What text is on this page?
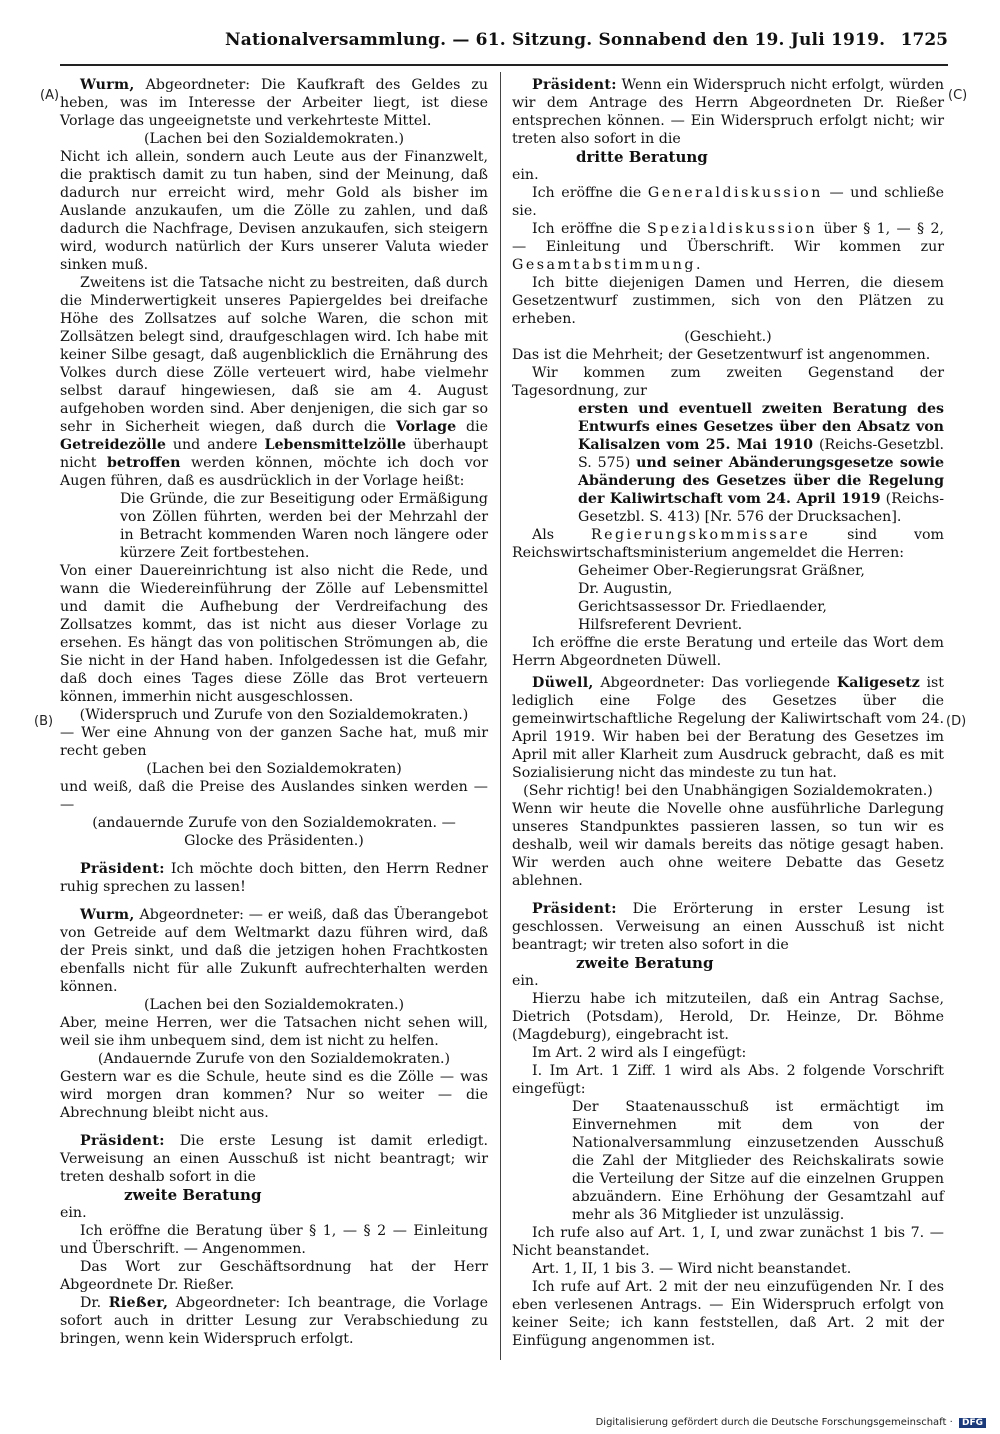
Nationalversammlung. — 61. Sitzung. Sonnabend den 19. Juli 1919. 1725
(A)
(B)
(C)
(D)

Wurm, Abgeordneter: Die Kaufkraft des Geldes zu heben, was im Interesse der Arbeiter liegt, ist diese Vorlage das ungeeignetste und verkehrteste Mittel.

(Lachen bei den Sozialdemokraten.)

Nicht ich allein, sondern auch Leute aus der Finanzwelt, die praktisch damit zu tun haben, sind der Meinung, daß dadurch nur erreicht wird, mehr Gold als bisher im Auslande anzukaufen, um die Zölle zu zahlen, und daß dadurch die Nachfrage, Devisen anzukaufen, sich steigern wird, wodurch natürlich der Kurs unserer Valuta wieder sinken muß.

Zweitens ist die Tatsache nicht zu bestreiten, daß durch die Minderwertigkeit unseres Papiergeldes bei dreifache Höhe des Zollsatzes auf solche Waren, die schon mit Zollsätzen belegt sind, draufgeschlagen wird. Ich habe mit keiner Silbe gesagt, daß augenblicklich die Ernährung des Volkes durch diese Zölle verteuert wird, habe vielmehr selbst darauf hingewiesen, daß sie am 4. August aufgehoben worden sind. Aber denjenigen, die sich gar so sehr in Sicherheit wiegen, daß durch die Vorlage die Getreidezölle und andere Lebensmittelzölle überhaupt nicht betroffen werden können, möchte ich doch vor Augen führen, daß es ausdrücklich in der Vorlage heißt:

Die Gründe, die zur Beseitigung oder Ermäßigung von Zöllen führten, werden bei der Mehrzahl der in Betracht kommenden Waren noch längere oder kürzere Zeit fortbestehen.

Von einer Dauereinrichtung ist also nicht die Rede, und wann die Wiedereinführung der Zölle auf Lebensmittel und damit die Aufhebung der Verdreifachung des Zollsatzes kommt, das ist nicht aus dieser Vorlage zu ersehen. Es hängt das von politischen Strömungen ab, die Sie nicht in der Hand haben. Infolgedessen ist die Gefahr, daß doch eines Tages diese Zölle das Brot verteuern können, immerhin nicht ausgeschlossen.

(Widerspruch und Zurufe von den Sozialdemokraten.)

— Wer eine Ahnung von der ganzen Sache hat, muß mir recht geben

(Lachen bei den Sozialdemokraten)

und weiß, daß die Preise des Auslandes sinken werden — —

(andauernde Zurufe von den Sozialdemokraten. —

Glocke des Präsidenten.)

Präsident: Ich möchte doch bitten, den Herrn Redner ruhig sprechen zu lassen!

Wurm, Abgeordneter: — er weiß, daß das Überangebot von Getreide auf dem Weltmarkt dazu führen wird, daß der Preis sinkt, und daß die jetzigen hohen Frachtkosten ebenfalls nicht für alle Zukunft aufrechterhalten werden können.

(Lachen bei den Sozialdemokraten.)

Aber, meine Herren, wer die Tatsachen nicht sehen will, weil sie ihm unbequem sind, dem ist nicht zu helfen.

(Andauernde Zurufe von den Sozialdemokraten.)

Gestern war es die Schule, heute sind es die Zölle — was wird morgen dran kommen? Nur so weiter — die Abrechnung bleibt nicht aus.

Präsident: Die erste Lesung ist damit erledigt. Verweisung an einen Ausschuß ist nicht beantragt; wir treten deshalb sofort in die

zweite Beratung

ein.

Ich eröffne die Beratung über § 1, — § 2 — Einleitung und Überschrift. — Angenommen.

Das Wort zur Geschäftsordnung hat der Herr Abgeordnete Dr. Rießer.

Dr. Rießer, Abgeordneter: Ich beantrage, die Vorlage sofort auch in dritter Lesung zur Verabschiedung zu bringen, wenn kein Widerspruch erfolgt.

Präsident: Wenn ein Widerspruch nicht erfolgt, würden wir dem Antrage des Herrn Abgeordneten Dr. Rießer entsprechen können. — Ein Widerspruch erfolgt nicht; wir treten also sofort in die

dritte Beratung

ein.

Ich eröffne die Generaldiskussion — und schließe sie.

Ich eröffne die Spezialdiskussion über § 1, — § 2, — Einleitung und Überschrift. Wir kommen zur Gesamtabstimmung.

Ich bitte diejenigen Damen und Herren, die diesem Gesetzentwurf zustimmen, sich von den Plätzen zu erheben.

(Geschieht.)

Das ist die Mehrheit; der Gesetzentwurf ist angenommen.

Wir kommen zum zweiten Gegenstand der Tagesordnung, zur

ersten und eventuell zweiten Beratung des Entwurfs eines Gesetzes über den Absatz von Kalisalzen vom 25. Mai 1910 (Reichs-Gesetzbl. S. 575) und seiner Abänderungsgesetze sowie Abänderung des Gesetzes über die Regelung der Kaliwirtschaft vom 24. April 1919 (Reichs-Gesetzbl. S. 413) [Nr. 576 der Drucksachen].

Als Regierungskommissare sind vom Reichswirtschaftsministerium angemeldet die Herren:

Geheimer Ober-Regierungsrat Gräßner,

Dr. Augustin,

Gerichtsassessor Dr. Friedlaender,

Hilfsreferent Devrient.

Ich eröffne die erste Beratung und erteile das Wort dem Herrn Abgeordneten Düwell.

Düwell, Abgeordneter: Das vorliegende Kaligesetz ist lediglich eine Folge des Gesetzes über die gemeinwirtschaftliche Regelung der Kaliwirtschaft vom 24. April 1919. Wir haben bei der Beratung des Gesetzes im April mit aller Klarheit zum Ausdruck gebracht, daß es mit Sozialisierung nicht das mindeste zu tun hat.

(Sehr richtig! bei den Unabhängigen Sozialdemokraten.)

Wenn wir heute die Novelle ohne ausführliche Darlegung unseres Standpunktes passieren lassen, so tun wir es deshalb, weil wir damals bereits das nötige gesagt haben. Wir werden auch ohne weitere Debatte das Gesetz ablehnen.

Präsident: Die Erörterung in erster Lesung ist geschlossen. Verweisung an einen Ausschuß ist nicht beantragt; wir treten also sofort in die

zweite Beratung

ein.

Hierzu habe ich mitzuteilen, daß ein Antrag Sachse, Dietrich (Potsdam), Herold, Dr. Heinze, Dr. Böhme (Magdeburg), eingebracht ist.

Im Art. 2 wird als I eingefügt:

I. Im Art. 1 Ziff. 1 wird als Abs. 2 folgende Vorschrift eingefügt:

Der Staatenausschuß ist ermächtigt im Einvernehmen mit dem von der Nationalversammlung einzusetzenden Ausschuß die Zahl der Mitglieder des Reichskalirats sowie die Verteilung der Sitze auf die einzelnen Gruppen abzuändern. Eine Erhöhung der Gesamtzahl auf mehr als 36 Mitglieder ist unzulässig.

Ich rufe also auf Art. 1, I, und zwar zunächst 1 bis 7. — Nicht beanstandet.

Art. 1, II, 1 bis 3. — Wird nicht beanstandet.

Ich rufe auf Art. 2 mit der neu einzufügenden Nr. I des eben verlesenen Antrags. — Ein Widerspruch erfolgt von keiner Seite; ich kann feststellen, daß Art. 2 mit der Einfügung angenommen ist.

Digitalisierung gefördert durch die Deutsche Forschungsgemeinschaft · DFG
